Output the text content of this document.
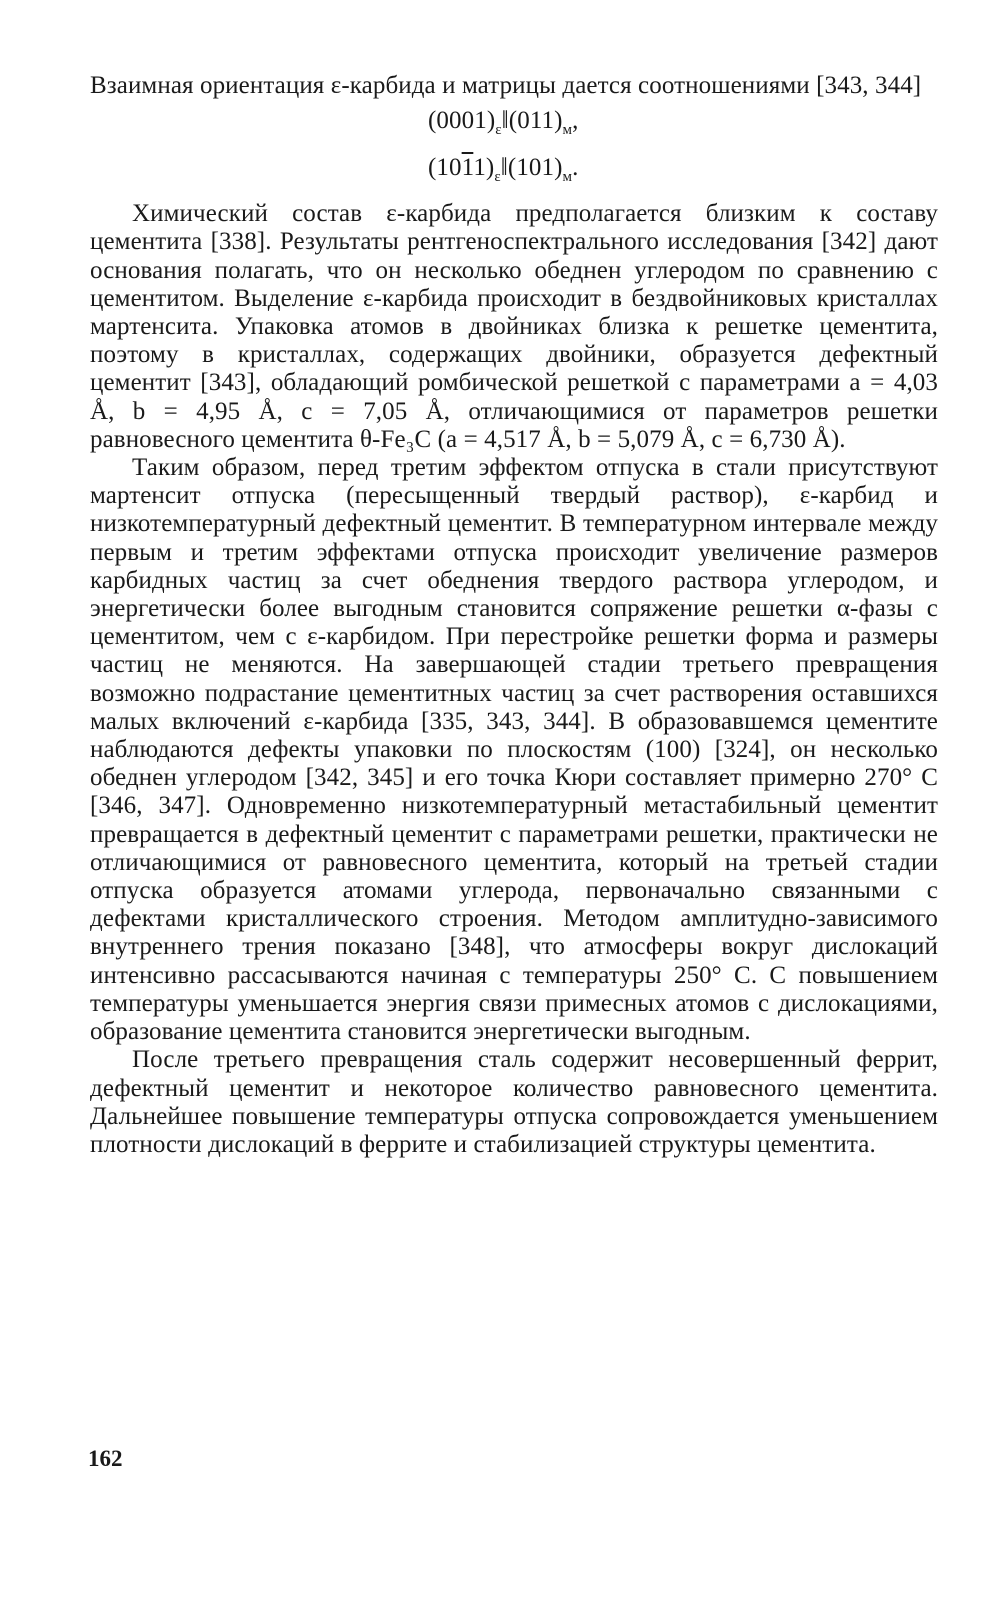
Взаимная ориентация ε-карбида и матрицы дается соотношениями [343, 344]

$(0001)_\varepsilon‖(011)_м$,
$(1011)_\varepsilon‖(101)_м$.

Химический состав ε-карбида предполагается близким к составу цементита [338]. Результаты рентгеноспектрального исследования [342] дают основания полагать, что он несколько обеднен углеродом по сравнению с цементитом. Выделение ε-карбида происходит в бездвойниковых кристаллах мартенсита. Упаковка атомов в двойниках близка к решетке цементита, поэтому в кристаллах, содержащих двойники, образуется дефектный цементит [343], обладающий ромбической решеткой с параметрами a = 4,03 Å, b = 4,95 Å, c = 7,05 Å, отличающимися от параметров решетки равновесного цементита θ-Fe₃C (a = 4,517 Å, b = 5,079 Å, c = 6,730 Å).

Таким образом, перед третим эффектом отпуска в стали присутствуют мартенсит отпуска (пересыщенный твердый раствор), ε-карбид и низкотемпературный дефектный цементит. В температурном интервале между первым и третим эффектами отпуска происходит увеличение размеров карбидных частиц за счет обеднения твердого раствора углеродом, и энергетически более выгодным становится сопряжение решетки α-фазы с цементитом, чем с ε-карбидом. При перестройке решетки форма и размеры частиц не меняются. На завершающей стадии третьего превращения возможно подрастание цементитных частиц за счет растворения оставшихся малых включений ε-карбида [335, 343, 344]. В образовавшемся цементите наблюдаются дефекты упаковки по плоскостям (100) [324], он несколько обеднен углеродом [342, 345] и его точка Кюри составляет примерно 270° С [346, 347]. Одновременно низкотемпературный метастабильный цементит превращается в дефектный цементит с параметрами решетки, практически не отличающимися от равновесного цементита, который на третьей стадии отпуска образуется атомами углерода, первоначально связанными с дефектами кристаллического строения. Методом амплитудно-зависимого внутреннего трения показано [348], что атмосферы вокруг дислокаций интенсивно рассасываются начиная с температуры 250° С. С повышением температуры уменьшается энергия связи примесных атомов с дислокациями, образование цементита становится энергетически выгодным.

После третьего превращения сталь содержит несовершенный феррит, дефектный цементит и некоторое количество равновесного цементита. Дальнейшее повышение температуры отпуска сопровождается уменьшением плотности дислокаций в феррите и стабилизацией структуры цементита.

162
